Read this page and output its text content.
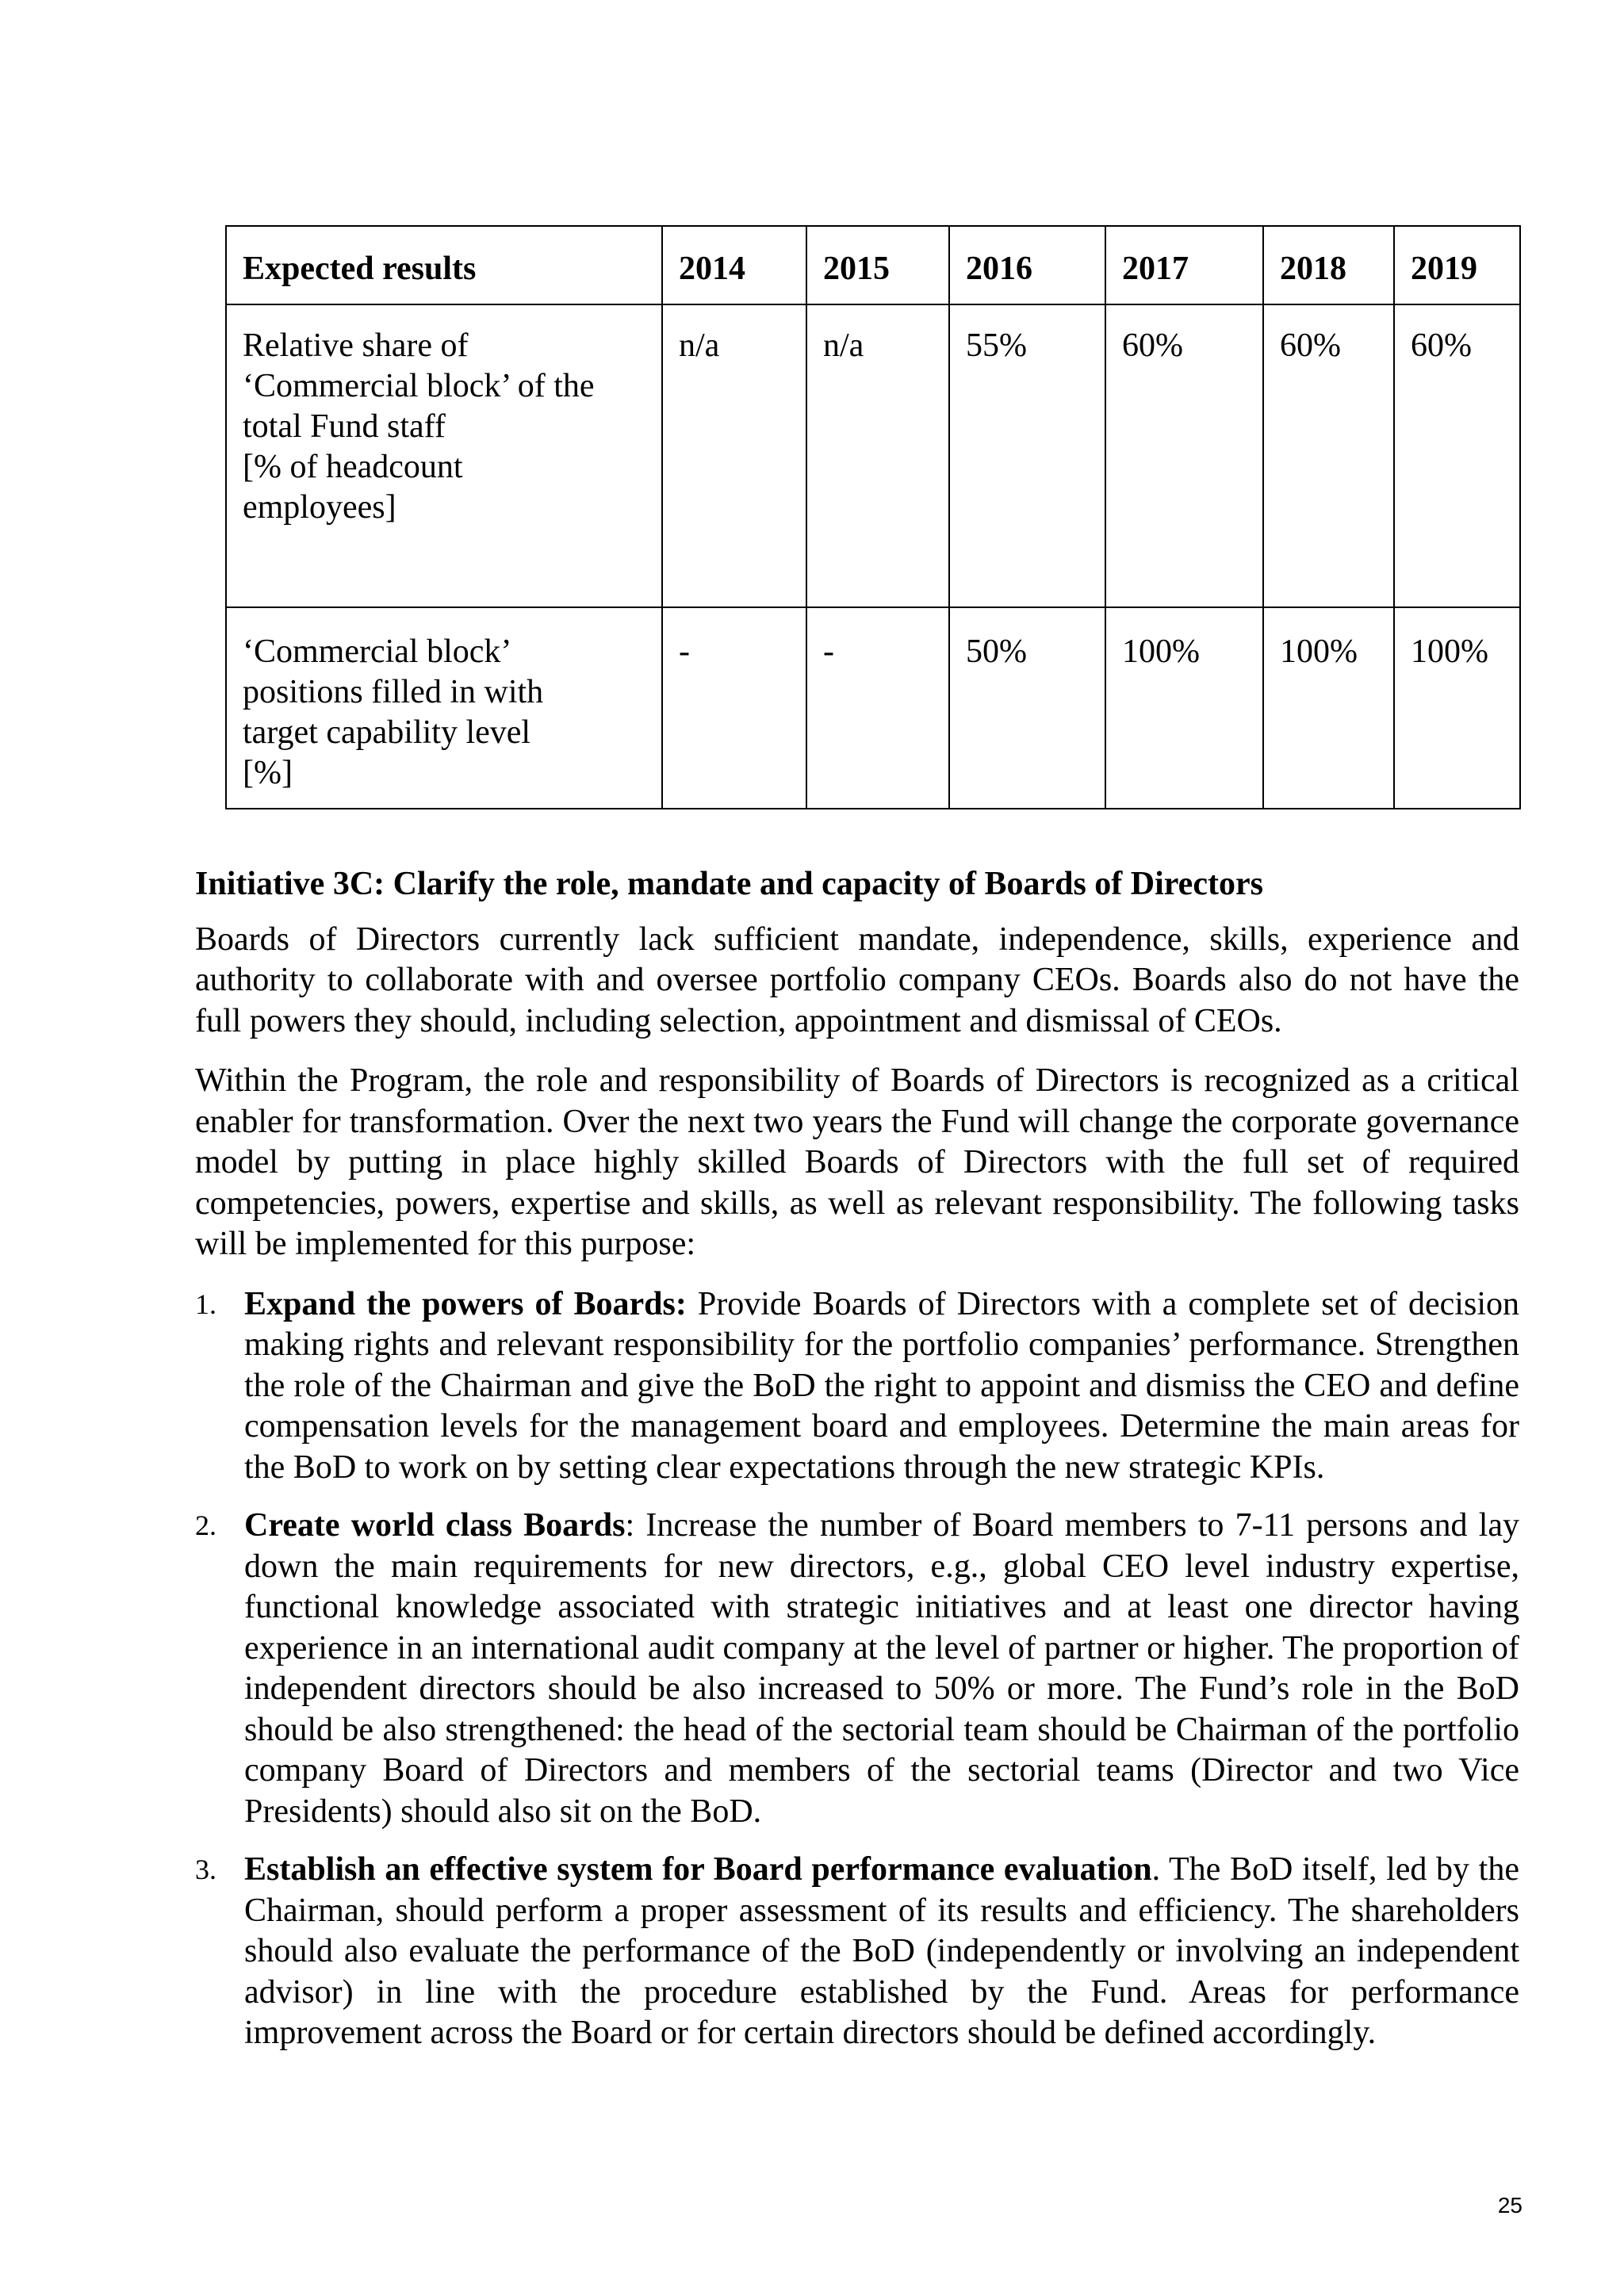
Expected results	2014	2015	2016	2017	2018	2019

Relative share of
‘Commercial block’ of the
total Fund staff
[% of headcount
employees]	n/a	n/a	55%	60%	60%	60%

‘Commercial block’
positions filled in with
target capability level
[%]	-	-	50%	100%	100%	100%

Initiative 3C: Clarify the role, mandate and capacity of Boards of Directors

Boards of Directors currently lack sufficient mandate, independence, skills, experience and authority to collaborate with and oversee portfolio company CEOs. Boards also do not have the full powers they should, including selection, appointment and dismissal of CEOs.

Within the Program, the role and responsibility of Boards of Directors is recognized as a critical enabler for transformation. Over the next two years the Fund will change the corporate governance model by putting in place highly skilled Boards of Directors with the full set of required competencies, powers, expertise and skills, as well as relevant responsibility. The following tasks will be implemented for this purpose:

1. Expand the powers of Boards: Provide Boards of Directors with a complete set of decision making rights and relevant responsibility for the portfolio companies’ performance. Strengthen the role of the Chairman and give the BoD the right to appoint and dismiss the CEO and define compensation levels for the management board and employees. Determine the main areas for the BoD to work on by setting clear expectations through the new strategic KPIs.
2. Create world class Boards: Increase the number of Board members to 7-11 persons and lay down the main requirements for new directors, e.g., global CEO level industry expertise, functional knowledge associated with strategic initiatives and at least one director having experience in an international audit company at the level of partner or higher. The proportion of independent directors should be also increased to 50% or more. The Fund’s role in the BoD should be also strengthened: the head of the sectorial team should be Chairman of the portfolio company Board of Directors and members of the sectorial teams (Director and two Vice Presidents) should also sit on the BoD.
3. Establish an effective system for Board performance evaluation. The BoD itself, led by the Chairman, should perform a proper assessment of its results and efficiency. The shareholders should also evaluate the performance of the BoD (independently or involving an independent advisor) in line with the procedure established by the Fund. Areas for performance improvement across the Board or for certain directors should be defined accordingly.
25
